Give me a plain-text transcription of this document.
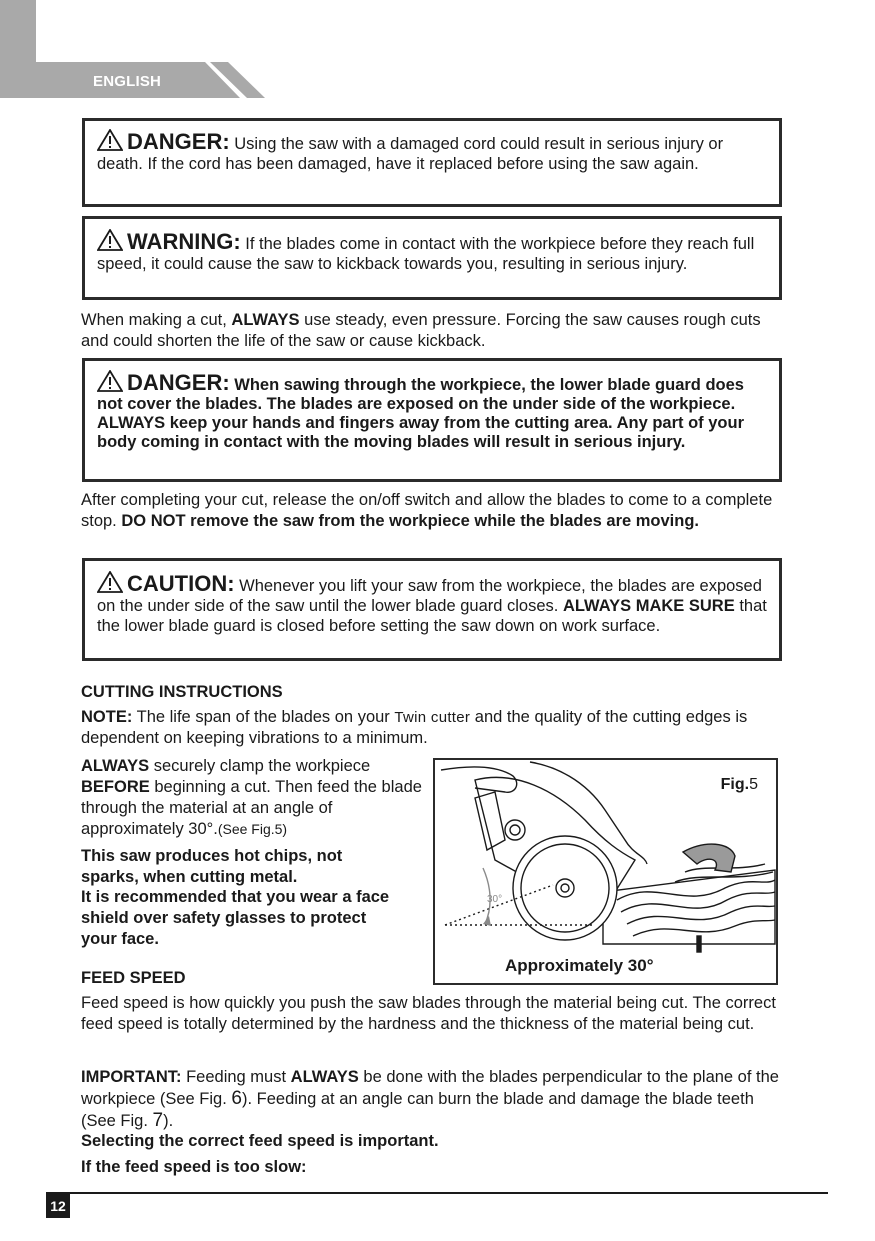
ENGLISH
DANGER: Using the saw with a damaged cord could result in serious injury or death. If the cord has been damaged, have it replaced before using the saw again.
WARNING: If the blades come in contact with the workpiece before they reach full speed, it could cause the saw to kickback towards you, resulting in serious injury.
When making a cut, ALWAYS use steady, even pressure. Forcing the saw causes rough cuts and could shorten the life of the saw or cause kickback.
DANGER: When sawing through the workpiece, the lower blade guard does not cover the blades. The blades are exposed on the under side of the workpiece. ALWAYS keep your hands and fingers away from the cutting area. Any part of your body coming in contact with the moving blades will result in serious injury.
After completing your cut, release the on/off switch and allow the blades to come to a complete stop. DO NOT remove the saw from the workpiece while the blades are moving.
CAUTION: Whenever you lift your saw from the workpiece, the blades are exposed on the under side of the saw until the lower blade guard closes. ALWAYS MAKE SURE that the lower blade guard is closed before setting the saw down on work surface.
CUTTING INSTRUCTIONS
NOTE: The life span of the blades on your Twin cutter and the quality of the cutting edges is dependent on keeping vibrations to a minimum.
ALWAYS securely clamp the workpiece BEFORE beginning a cut. Then feed the blade through the material at an angle of approximately 30°.(See Fig.5)
This saw produces hot chips, not sparks, when cutting metal.
It is recommended that you wear a face shield over safety glasses to protect your face.
30°
Fig.5
Approximately 30°
FEED SPEED
Feed speed is how quickly you push the saw blades through the material being cut. The correct feed speed is totally determined by the hardness and the thickness of the material being cut.
IMPORTANT: Feeding must ALWAYS be done with the blades perpendicular to the plane of the workpiece (See Fig. 6). Feeding at an angle can burn the blade and damage the blade teeth (See Fig. 7).
Selecting the correct feed speed is important.
If the feed speed is too slow:
12
